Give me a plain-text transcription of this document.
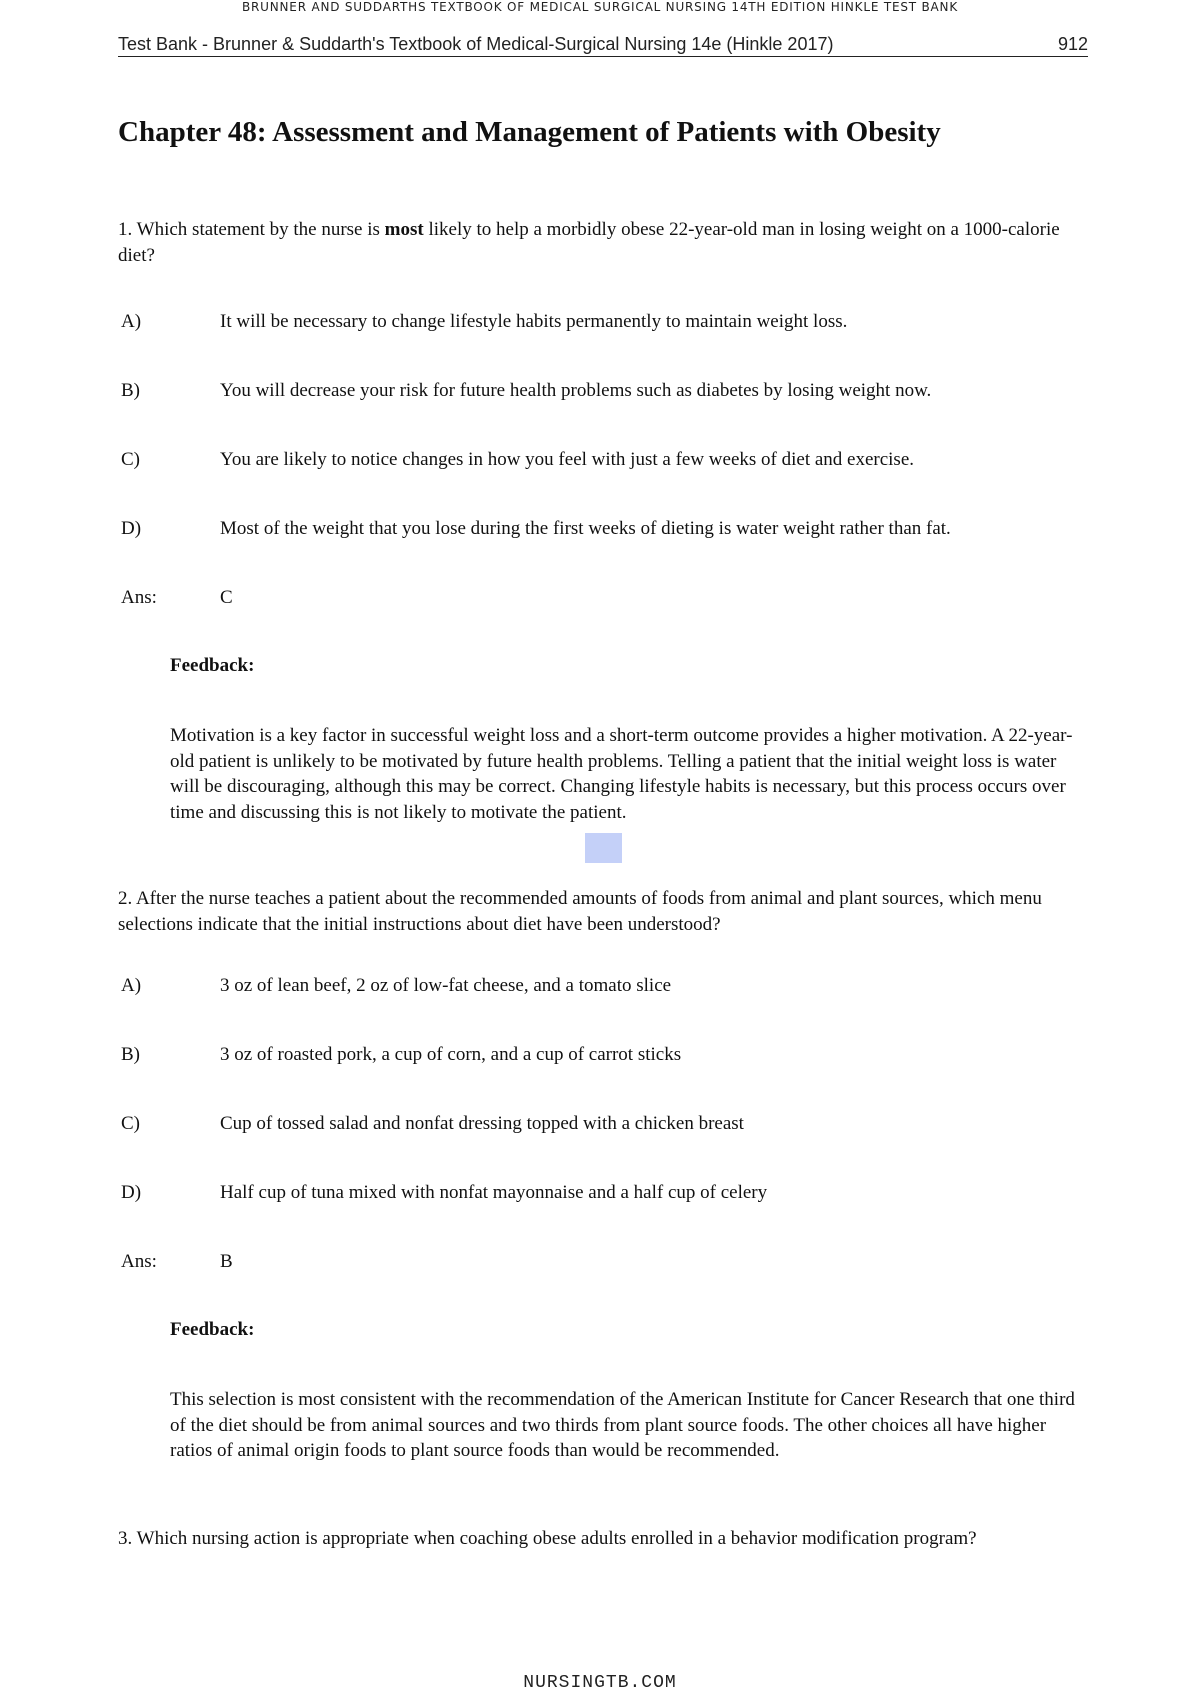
BRUNNER AND SUDDARTHS TEXTBOOK OF MEDICAL SURGICAL NURSING 14TH EDITION HINKLE TEST BANK
Test Bank - Brunner & Suddarth's Textbook of Medical-Surgical Nursing 14e (Hinkle 2017)	912
Chapter 48: Assessment and Management of Patients with Obesity
1. Which statement by the nurse is most likely to help a morbidly obese 22-year-old man in losing weight on a 1000-calorie diet?
A)	It will be necessary to change lifestyle habits permanently to maintain weight loss.
B)	You will decrease your risk for future health problems such as diabetes by losing weight now.
C)	You are likely to notice changes in how you feel with just a few weeks of diet and exercise.
D)	Most of the weight that you lose during the first weeks of dieting is water weight rather than fat.
Ans:	C
Feedback:
Motivation is a key factor in successful weight loss and a short-term outcome provides a higher motivation. A 22-year-old patient is unlikely to be motivated by future health problems. Telling a patient that the initial weight loss is water will be discouraging, although this may be correct. Changing lifestyle habits is necessary, but this process occurs over time and discussing this is not likely to motivate the patient.
2. After the nurse teaches a patient about the recommended amounts of foods from animal and plant sources, which menu selections indicate that the initial instructions about diet have been understood?
A)	3 oz of lean beef, 2 oz of low-fat cheese, and a tomato slice
B)	3 oz of roasted pork, a cup of corn, and a cup of carrot sticks
C)	Cup of tossed salad and nonfat dressing topped with a chicken breast
D)	Half cup of tuna mixed with nonfat mayonnaise and a half cup of celery
Ans:	B
Feedback:
This selection is most consistent with the recommendation of the American Institute for Cancer Research that one third of the diet should be from animal sources and two thirds from plant source foods. The other choices all have higher ratios of animal origin foods to plant source foods than would be recommended.
3. Which nursing action is appropriate when coaching obese adults enrolled in a behavior modification program?
NURSINGTB.COM
